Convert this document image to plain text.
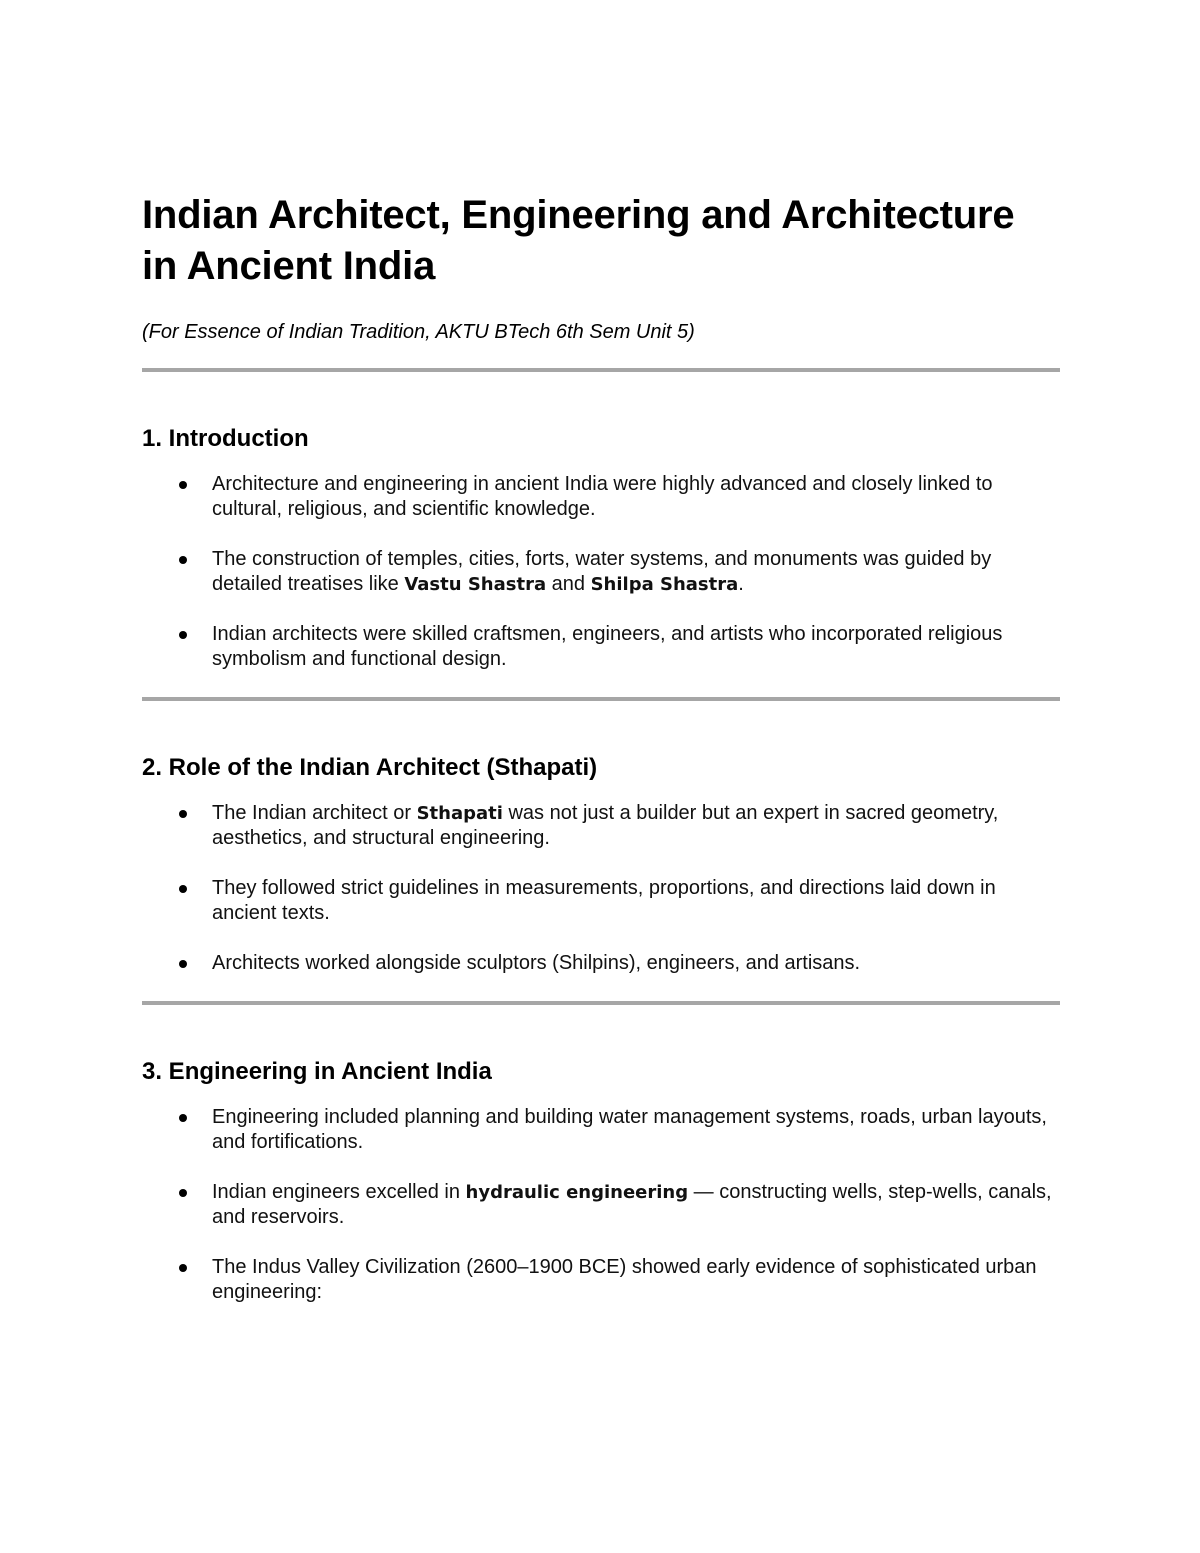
Indian Architect, Engineering and Architecture in Ancient India

(For Essence of Indian Tradition, AKTU BTech 6th Sem Unit 5)

1. Introduction
Architecture and engineering in ancient India were highly advanced and closely linked to cultural, religious, and scientific knowledge.
The construction of temples, cities, forts, water systems, and monuments was guided by detailed treatises like Vastu Shastra and Shilpa Shastra.
Indian architects were skilled craftsmen, engineers, and artists who incorporated religious symbolism and functional design.
2. Role of the Indian Architect (Sthapati)
The Indian architect or Sthapati was not just a builder but an expert in sacred geometry, aesthetics, and structural engineering.
They followed strict guidelines in measurements, proportions, and directions laid down in ancient texts.
Architects worked alongside sculptors (Shilpins), engineers, and artisans.
3. Engineering in Ancient India
Engineering included planning and building water management systems, roads, urban layouts, and fortifications.
Indian engineers excelled in hydraulic engineering — constructing wells, step-wells, canals, and reservoirs.
The Indus Valley Civilization (2600–1900 BCE) showed early evidence of sophisticated urban engineering:
